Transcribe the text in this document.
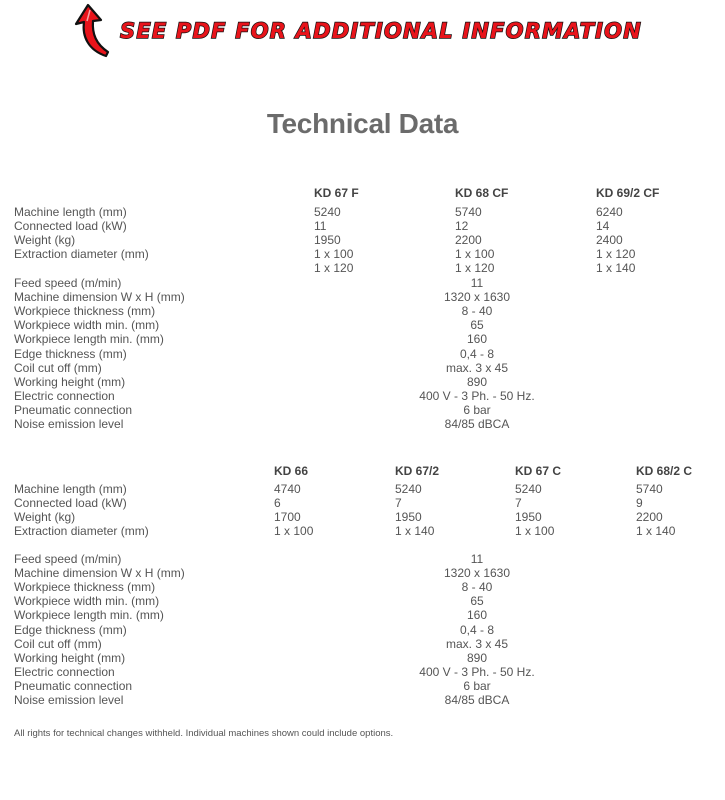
SEE PDF FOR ADDITIONAL INFORMATION
Technical Data
KD 67 F	KD 68 CF	KD 69/2 CF
Machine length (mm)	5240	5740	6240
Connected load (kW)	11	12	14
Weight (kg)	1950	2200	2400
Extraction diameter (mm)	1 x 100	1 x 100	1 x 120
1 x 120	1 x 120	1 x 140
Feed speed (m/min)	11
Machine dimension W x H (mm)	1320 x 1630
Workpiece thickness (mm)	8 - 40
Workpiece width min. (mm)	65
Workpiece length min. (mm)	160
Edge thickness (mm)	0,4 - 8
Coil cut off (mm)	max. 3 x 45
Working height (mm)	890
Electric connection	400 V - 3 Ph. - 50 Hz.
Pneumatic connection	6 bar
Noise emission level	84/85 dBCA
KD 66	KD 67/2	KD 67 C	KD 68/2 C
Machine length (mm)	4740	5240	5240	5740
Connected load (kW)	6	7	7	9
Weight (kg)	1700	1950	1950	2200
Extraction diameter (mm)	1 x 100	1 x 140	1 x 100	1 x 140
Feed speed (m/min)	11
Machine dimension W x H (mm)	1320 x 1630
Workpiece thickness (mm)	8 - 40
Workpiece width min. (mm)	65
Workpiece length min. (mm)	160
Edge thickness (mm)	0,4 - 8
Coil cut off (mm)	max. 3 x 45
Working height (mm)	890
Electric connection	400 V - 3 Ph. - 50 Hz.
Pneumatic connection	6 bar
Noise emission level	84/85 dBCA
All rights for technical changes withheld. Individual machines shown could include options.
